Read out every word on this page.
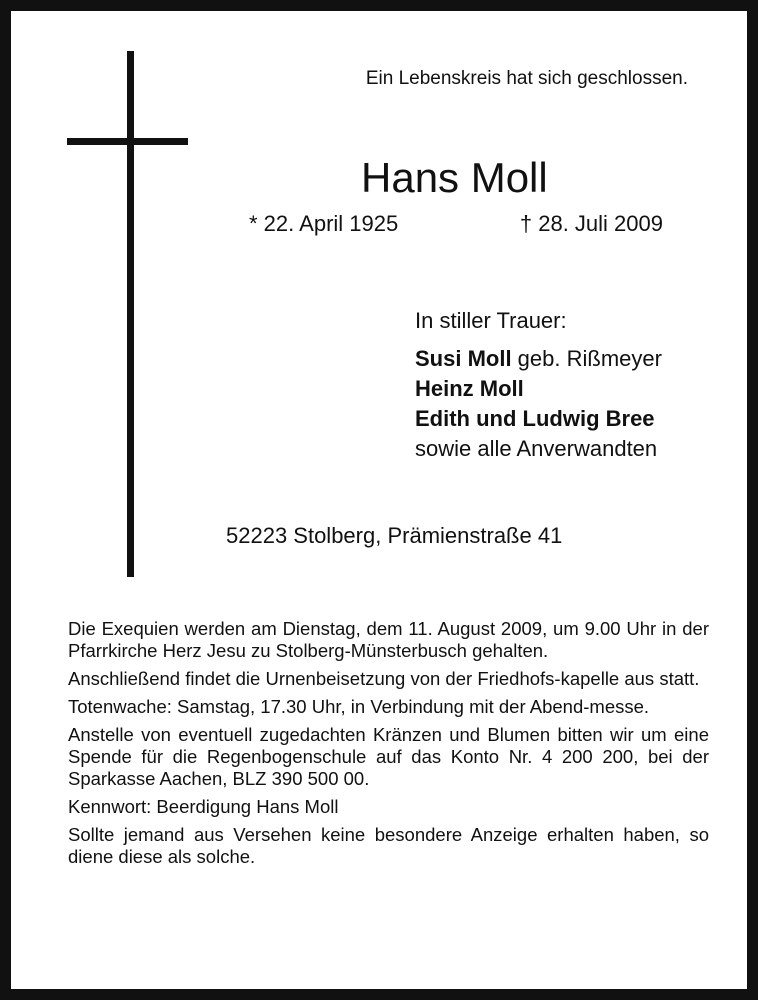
Ein Lebenskreis hat sich geschlossen.
Hans Moll
* 22. April 1925	† 28. Juli 2009
In stiller Trauer:
Susi Moll geb. Rißmeyer
Heinz Moll
Edith und Ludwig Bree
sowie alle Anverwandten
52223 Stolberg, Prämienstraße 41

Die Exequien werden am Dienstag, dem 11. August 2009, um 9.00 Uhr in der Pfarrkirche Herz Jesu zu Stolberg-Münsterbusch gehalten.

Anschließend findet die Urnenbeisetzung von der Friedhofs-kapelle aus statt.

Totenwache: Samstag, 17.30 Uhr, in Verbindung mit der Abend-messe.

Anstelle von eventuell zugedachten Kränzen und Blumen bitten wir um eine Spende für die Regenbogenschule auf das Konto Nr. 4 200 200, bei der Sparkasse Aachen, BLZ 390 500 00.

Kennwort: Beerdigung Hans Moll

Sollte jemand aus Versehen keine besondere Anzeige erhalten haben, so diene diese als solche.
